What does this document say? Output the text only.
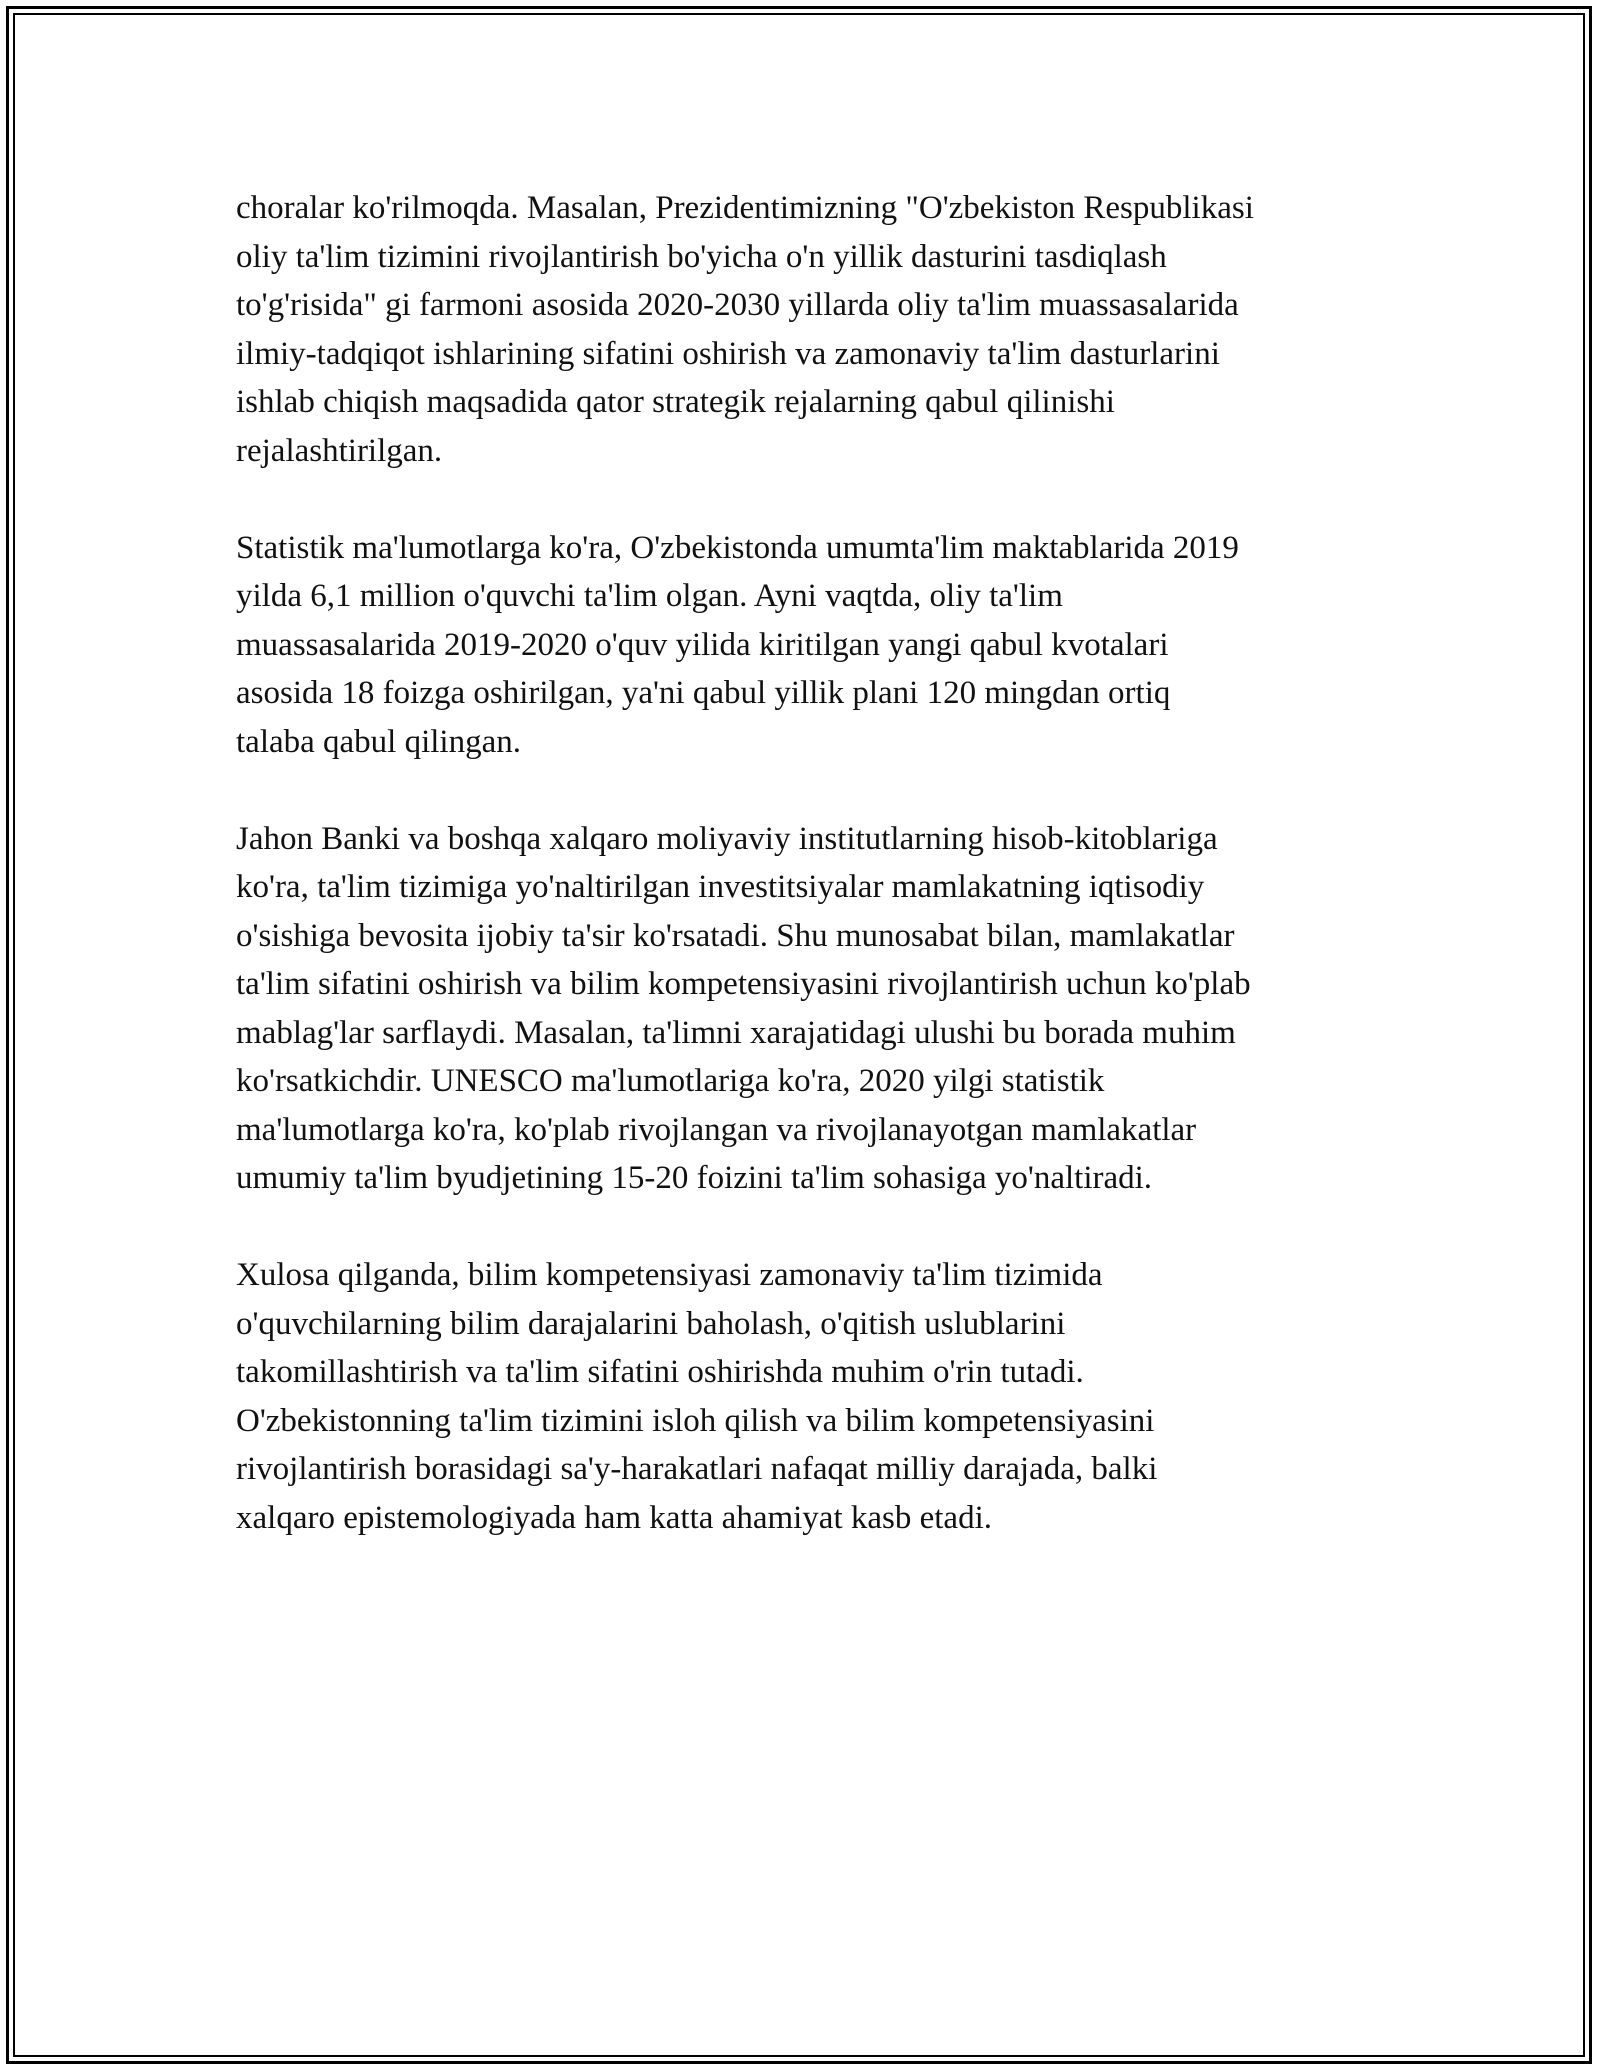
choralar ko'rilmoqda. Masalan, Prezidentimizning "O'zbekiston Respublikasi
oliy ta'lim tizimini rivojlantirish bo'yicha o'n yillik dasturini tasdiqlash
to'g'risida" gi farmoni asosida 2020-2030 yillarda oliy ta'lim muassasalarida
ilmiy-tadqiqot ishlarining sifatini oshirish va zamonaviy ta'lim dasturlarini
ishlab chiqish maqsadida qator strategik rejalarning qabul qilinishi
rejalashtirilgan.

Statistik ma'lumotlarga ko'ra, O'zbekistonda umumta'lim maktablarida 2019
yilda 6,1 million o'quvchi ta'lim olgan. Ayni vaqtda, oliy ta'lim
muassasalarida 2019-2020 o'quv yilida kiritilgan yangi qabul kvotalari
asosida 18 foizga oshirilgan, ya'ni qabul yillik plani 120 mingdan ortiq
talaba qabul qilingan.

Jahon Banki va boshqa xalqaro moliyaviy institutlarning hisob-kitoblariga
ko'ra, ta'lim tizimiga yo'naltirilgan investitsiyalar mamlakatning iqtisodiy
o'sishiga bevosita ijobiy ta'sir ko'rsatadi. Shu munosabat bilan, mamlakatlar
ta'lim sifatini oshirish va bilim kompetensiyasini rivojlantirish uchun ko'plab
mablag'lar sarflaydi. Masalan, ta'limni xarajatidagi ulushi bu borada muhim
ko'rsatkichdir. UNESCO ma'lumotlariga ko'ra, 2020 yilgi statistik
ma'lumotlarga ko'ra, ko'plab rivojlangan va rivojlanayotgan mamlakatlar
umumiy ta'lim byudjetining 15-20 foizini ta'lim sohasiga yo'naltiradi.

Xulosa qilganda, bilim kompetensiyasi zamonaviy ta'lim tizimida
o'quvchilarning bilim darajalarini baholash, o'qitish uslublarini
takomillashtirish va ta'lim sifatini oshirishda muhim o'rin tutadi.
O'zbekistonning ta'lim tizimini isloh qilish va bilim kompetensiyasini
rivojlantirish borasidagi sa'y-harakatlari nafaqat milliy darajada, balki
xalqaro epistemologiyada ham katta ahamiyat kasb etadi.
